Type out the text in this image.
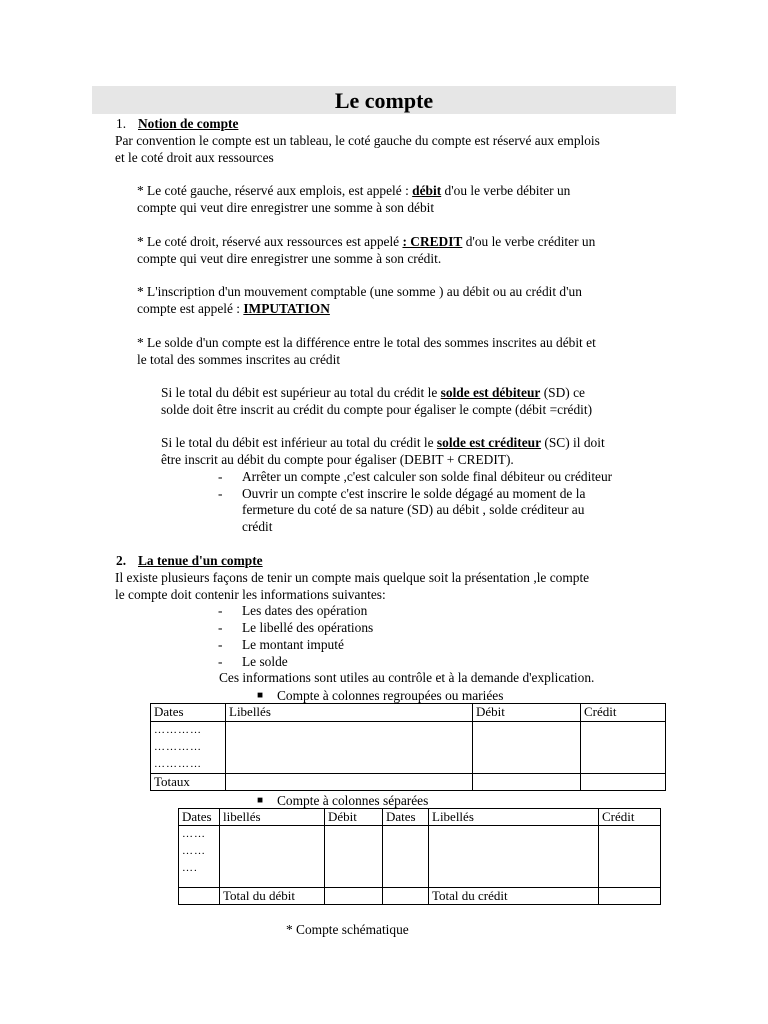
Le compte
1. Notion de compte
Par convention le compte est un tableau, le coté gauche du compte est réservé aux emplois
et le coté droit aux ressources
* Le coté gauche, réservé aux emplois, est appelé : débit d'ou le verbe débiter un
compte qui veut dire enregistrer une somme à son débit
* Le coté droit, réservé aux ressources est appelé : CREDIT d'ou le verbe créditer un
compte qui veut dire enregistrer une somme à son crédit.
* L'inscription d'un mouvement comptable (une somme ) au débit ou au crédit d'un
compte est appelé : IMPUTATION
* Le solde d'un compte est la différence entre le total des sommes inscrites au débit et
le total des sommes inscrites au crédit
Si le total du débit est supérieur au total du crédit le solde est débiteur (SD) ce
solde doit être inscrit au crédit du compte pour égaliser le compte (débit =crédit)
Si le total du débit est inférieur au total du crédit le solde est créditeur (SC) il doit
être inscrit au débit du compte pour égaliser (DEBIT + CREDIT).
- Arrêter un compte ,c'est calculer son solde final débiteur ou créditeur
- Ouvrir un compte c'est inscrire le solde dégagé au moment de la
fermeture du coté de sa nature (SD) au débit , solde créditeur au
crédit
2. La tenue d'un compte
Il existe plusieurs façons de tenir un compte mais quelque soit la présentation ,le compte
le compte doit contenir les informations suivantes:
- Les dates des opération
- Le libellé des opérations
- Le montant imputé
- Le solde
Ces informations sont utiles au contrôle et à la demande d'explication.
■ Compte à colonnes regroupées ou mariées
Dates	Libellés	Débit	Crédit

…………
…………
…………			

Totaux			
■ Compte à colonnes séparées
Dates	libellés	Débit	Dates	Libellés	Crédit

……
……
….					

	Total du débit			Total du crédit	
* Compte schématique
